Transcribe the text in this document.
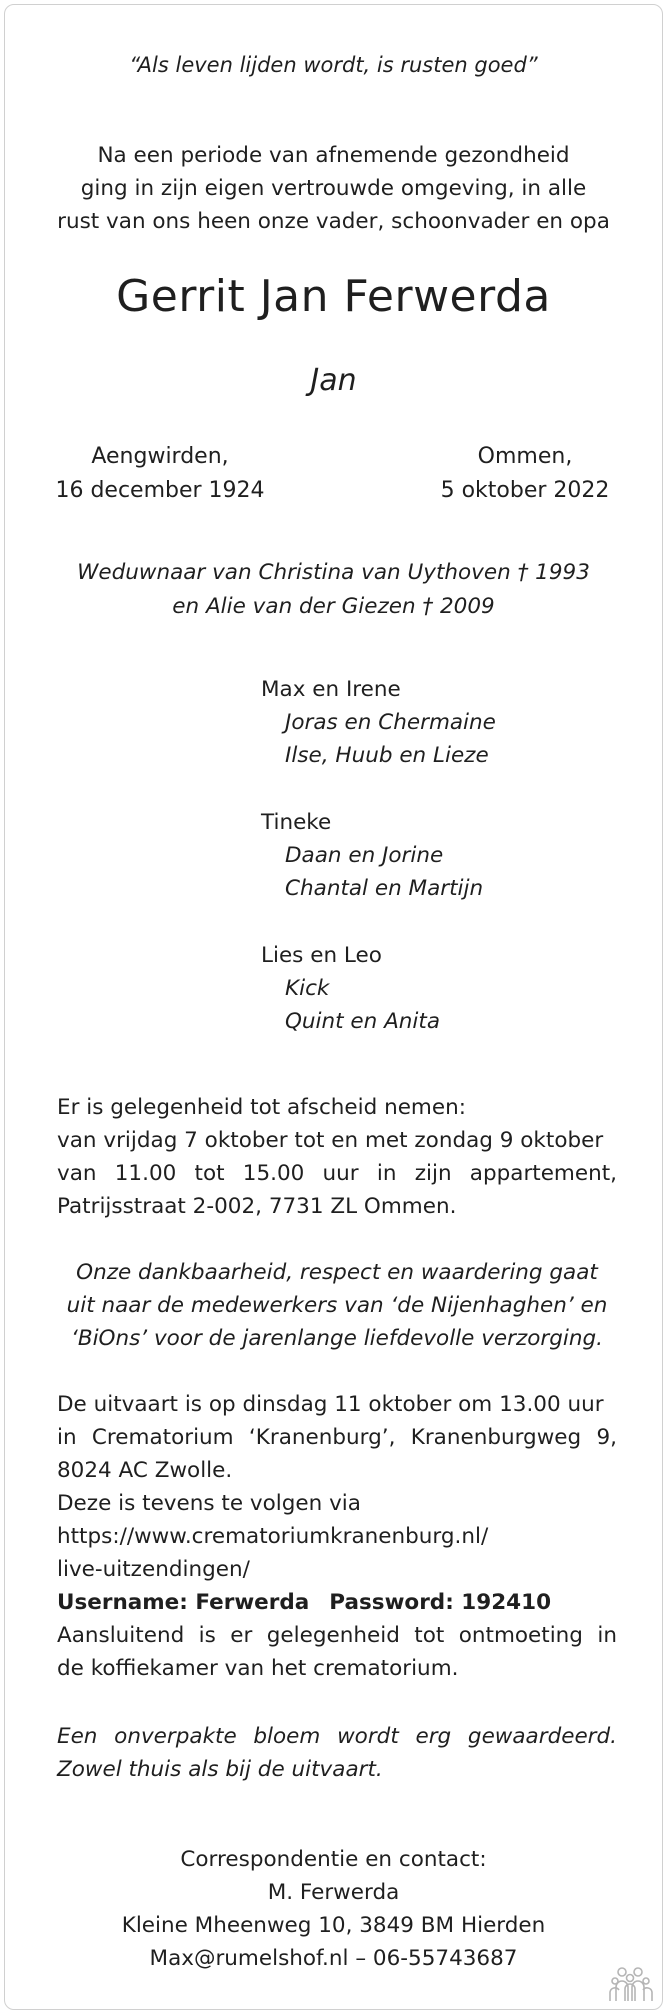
“Als leven lijden wordt, is rusten goed”

Na een periode van afnemende gezondheid

ging in zijn eigen vertrouwde omgeving, in alle

rust van ons heen onze vader, schoonvader en opa

Gerrit Jan Ferwerda

Jan

Aengwirden,

16 december 1924

Ommen,

5 oktober 2022

Weduwnaar van Christina van Uythoven † 1993

en Alie van der Giezen † 2009

Max en Irene

Joras en Chermaine

Ilse, Huub en Lieze

Tineke

Daan en Jorine

Chantal en Martijn

Lies en Leo

Kick

Quint en Anita

Er is gelegenheid tot afscheid nemen:

van vrijdag 7 oktober tot en met zondag 9 oktober

van 11.00 tot 15.00 uur in zijn appartement,

Patrijsstraat 2-002, 7731 ZL Ommen.

Onze dankbaarheid, respect en waardering gaat

uit naar de medewerkers van ‘de Nijenhaghen’ en

‘BiOns’ voor de jarenlange liefdevolle verzorging.

De uitvaart is op dinsdag 11 oktober om 13.00 uur

in Crematorium ‘Kranenburg’, Kranenburgweg 9,

8024 AC Zwolle.

Deze is tevens te volgen via

https://www.crematoriumkranenburg.nl/

live-uitzendingen/

Username: Ferwerda Password: 192410

Aansluitend is er gelegenheid tot ontmoeting in

de koffiekamer van het crematorium.

Een onverpakte bloem wordt erg gewaardeerd.

Zowel thuis als bij de uitvaart.

Correspondentie en contact:

M. Ferwerda

Kleine Mheenweg 10, 3849 BM Hierden

Max@rumelshof.nl – 06-55743687
